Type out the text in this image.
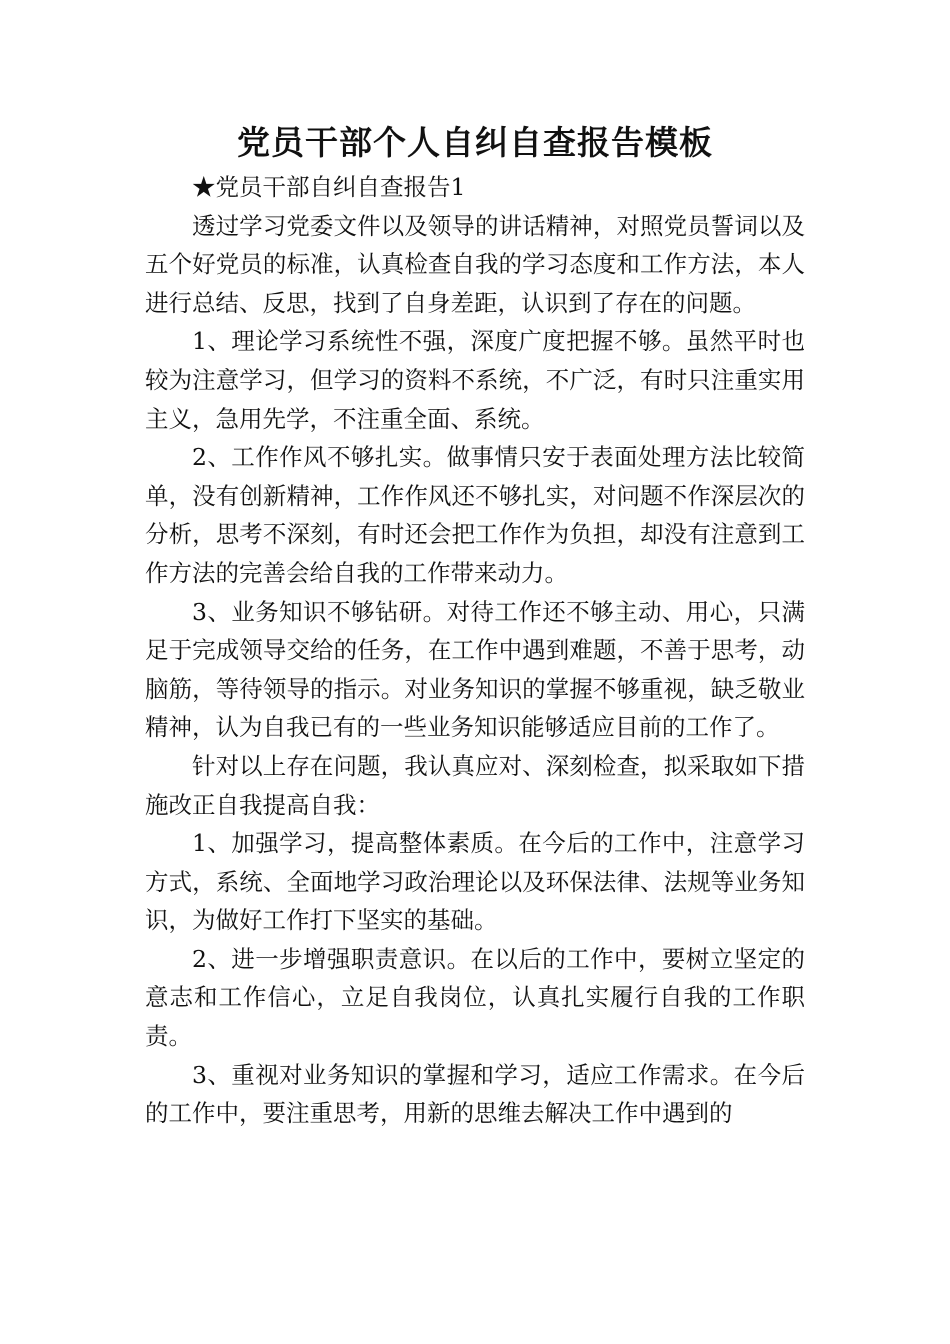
党员干部个人自纠自查报告模板

★党员干部自纠自查报告1

透过学习党委文件以及领导的讲话精神，对照党员誓词以及五个好党员的标准，认真检查自我的学习态度和工作方法，本人进行总结、反思，找到了自身差距，认识到了存在的问题。

1、理论学习系统性不强，深度广度把握不够。虽然平时也较为注意学习，但学习的资料不系统，不广泛，有时只注重实用主义，急用先学，不注重全面、系统。

2、工作作风不够扎实。做事情只安于表面处理方法比较简单，没有创新精神，工作作风还不够扎实，对问题不作深层次的分析，思考不深刻，有时还会把工作作为负担，却没有注意到工作方法的完善会给自我的工作带来动力。

3、业务知识不够钻研。对待工作还不够主动、用心，只满足于完成领导交给的任务，在工作中遇到难题，不善于思考，动脑筋，等待领导的指示。对业务知识的掌握不够重视，缺乏敬业精神，认为自我已有的一些业务知识能够适应目前的工作了。

针对以上存在问题，我认真应对、深刻检查，拟采取如下措施改正自我提高自我：

1、加强学习，提高整体素质。在今后的工作中，注意学习方式，系统、全面地学习政治理论以及环保法律、法规等业务知识，为做好工作打下坚实的基础。

2、进一步增强职责意识。在以后的工作中，要树立坚定的意志和工作信心，立足自我岗位，认真扎实履行自我的工作职责。

3、重视对业务知识的掌握和学习，适应工作需求。在今后的工作中，要注重思考，用新的思维去解决工作中遇到的
